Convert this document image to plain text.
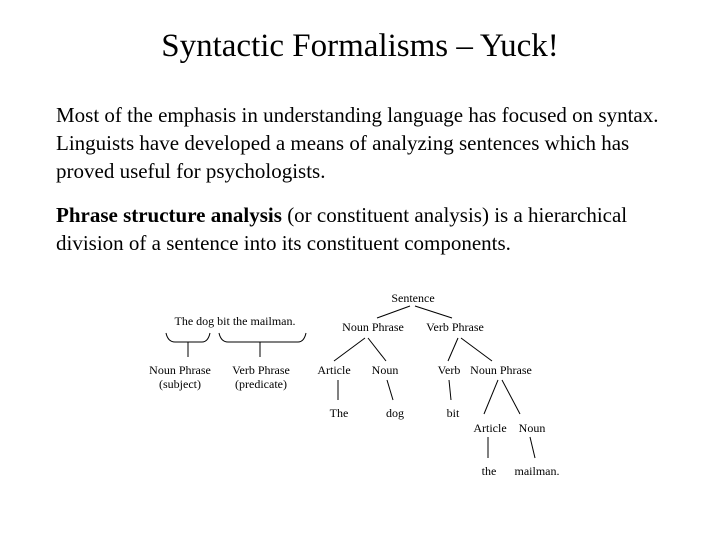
Syntactic Formalisms – Yuck!
Most of the emphasis in understanding language has focused on syntax. Linguists have developed a means of analyzing sentences which has proved useful for psychologists.
Phrase structure analysis (or constituent analysis) is a hierarchical division of a sentence into its constituent components.
The dog bit the mailman.
Noun Phrase
(subject)
Verb Phrase
(predicate)
Sentence
Noun Phrase Verb Phrase
Article Noun	Verb Noun Phrase
The	dog	bit
Article Noun
the mailman.
